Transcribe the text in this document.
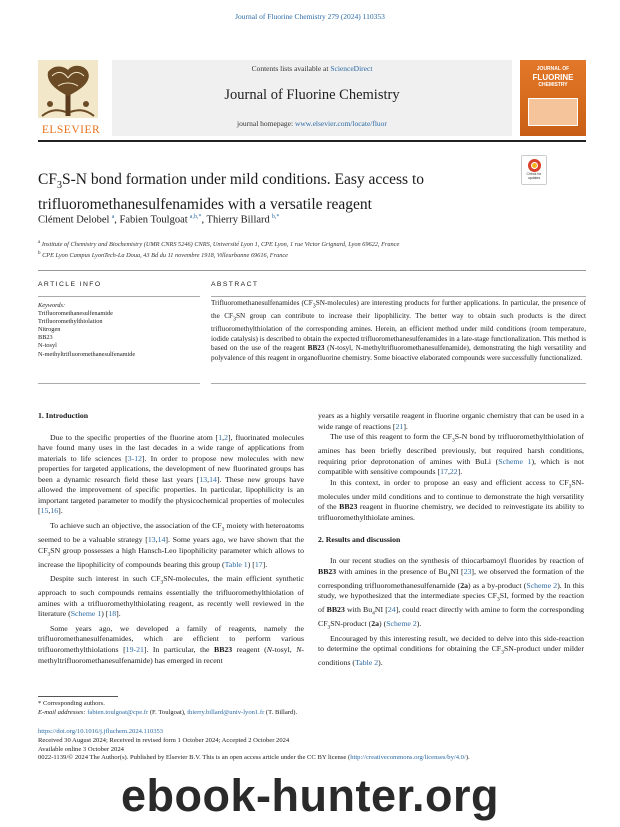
Journal of Fluorine Chemistry 279 (2024) 110353
ELSEVIER
Contents lists available at ScienceDirect
Journal of Fluorine Chemistry
journal homepage: www.elsevier.com/locate/fluor
JOURNAL OF
FLUORINE
CHEMISTRY
Check for
updates
$CF_3S-N$ bond formation under mild conditions. Easy access to trifluoromethanesulfenamides with a versatile reagent
Clément Delobel  $^a$, Fabien Toulgoat  $^{a,b,*}$, Thierry Billard  $^{b,*}$
$^a$ Institute of Chemistry and Biochemistry (UMR CNRS 5246) CNRS, Université Lyon 1, CPE Lyon, 1 rue Victor Grignard, Lyon 69622, France
$^b$ CPE Lyon Campus LyonTech-La Doua, 43 Bd du 11 novembre 1918, Villeurbanne 69616, France
ARTICLE INFO	ABSTRACT
Keywords:
Trifluoromethanesulfenamide
Trifluoromethylthiolation
Nitrogen
BB23
N-tosyl
N-methyltrifluoromethanesulfenamide
Trifluoromethanesulfenamides $(CF_3SN-molecules)$ are interesting products for further applications. In particular, the presence of the $CF_3SN$ group can contribute to increase their lipophilicity. The better way to obtain such products is the direct trifluoromethylthiolation of the corresponding amines. Herein, an efficient method under mild conditions (room temperature, iodide catalysis) is described to obtain the expected trifluoromethanesulfenamides in a late-stage functionalization. This method is based on the use of the reagent BB23 (N-tosyl, N-methyltrifluoromethanesulfenamide), demonstrating the high versatility and polyvalence of this reagent in organofluorine chemistry. Some bioactive elaborated compounds were successfully functionalized.
1. Introduction

Due to the specific properties of the fluorine atom [1,2], fluorinated molecules have found many uses in the last decades in a wide range of applications from materials to life sciences [3-12]. In order to propose new molecules with new properties for targeted applications, the development of new fluorinated groups has been a dynamic research field these last years [13,14]. These new groups have allowed the improvement of specific properties. In particular, lipophilicity is an important targeted parameter to modify the physicochemical properties of molecules [15,16].

To achieve such an objective, the association of the $CF_3$ moiety with heteroatoms seemed to be a valuable strategy [13,14]. Some years ago, we have shown that the $CF_3SN$ group possesses a high Hansch-Leo lipophilicity parameter which allows to increase the lipophilicity of compounds bearing this group (Table 1) [17].

Despite such interest in such $CF_3SN$-molecules, the main efficient synthetic approach to such compounds remains essentially the trifluoromethylthiolation of amines with a trifluoromethylthiolating reagent, as recently well reviewed in the literature (Scheme 1) [18].

Some years ago, we developed a family of reagents, namely the trifluoromethanesulfenamides, which are efficient to perform various trifluoromethylthiolations [19-21]. In particular, the BB23 reagent (N-tosyl, N-methyltrifluoromethanesulfenamide) has emerged in recent

years as a highly versatile reagent in fluorine organic chemistry that can be used in a wide range of reactions [21].

The use of this reagent to form the $CF_3S-N$ bond by trifluoromethylthiolation of amines has been briefly described previously, but required harsh conditions, requiring prior deprotonation of amines with BuLi (Scheme 1), which is not compatible with sensitive compounds [17,22].

In this context, in order to propose an easy and efficient access to $CF_3SN$-molecules under mild conditions and to continue to demonstrate the high versatility of the BB23 reagent in fluorine chemistry, we decided to reinvestigate its ability to trifluoromethylthiolate amines.

2. Results and discussion

In our recent studies on the synthesis of thiocarbamoyl fluorides by reaction of BB23 with amines in the presence of $Bu_4NI$ [23], we observed the formation of the corresponding trifluoromethanesulfenamide (2a) as a by-product (Scheme 2). In this study, we hypothesized that the intermediate species $CF_3SI$, formed by the reaction of BB23 with $Bu_4NI$ [24], could react directly with amine to form the corresponding $CF_3SN$-product (2a) (Scheme 2).

Encouraged by this interesting result, we decided to delve into this side-reaction to determine the optimal conditions for obtaining the $CF_3SN$-product under milder conditions (Table 2).

* Corresponding authors.
E-mail addresses: fabien.toulgoat@cpe.fr (F. Toulgoat), thierry.billard@univ-lyon1.fr (T. Billard).
https://doi.org/10.1016/j.jfluchem.2024.110353
Received 30 August 2024; Received in revised form 1 October 2024; Accepted 2 October 2024
Available online 3 October 2024
0022-1139/© 2024 The Author(s). Published by Elsevier B.V. This is an open access article under the CC BY license (http://creativecommons.org/licenses/by/4.0/).
ebook-hunter.org
